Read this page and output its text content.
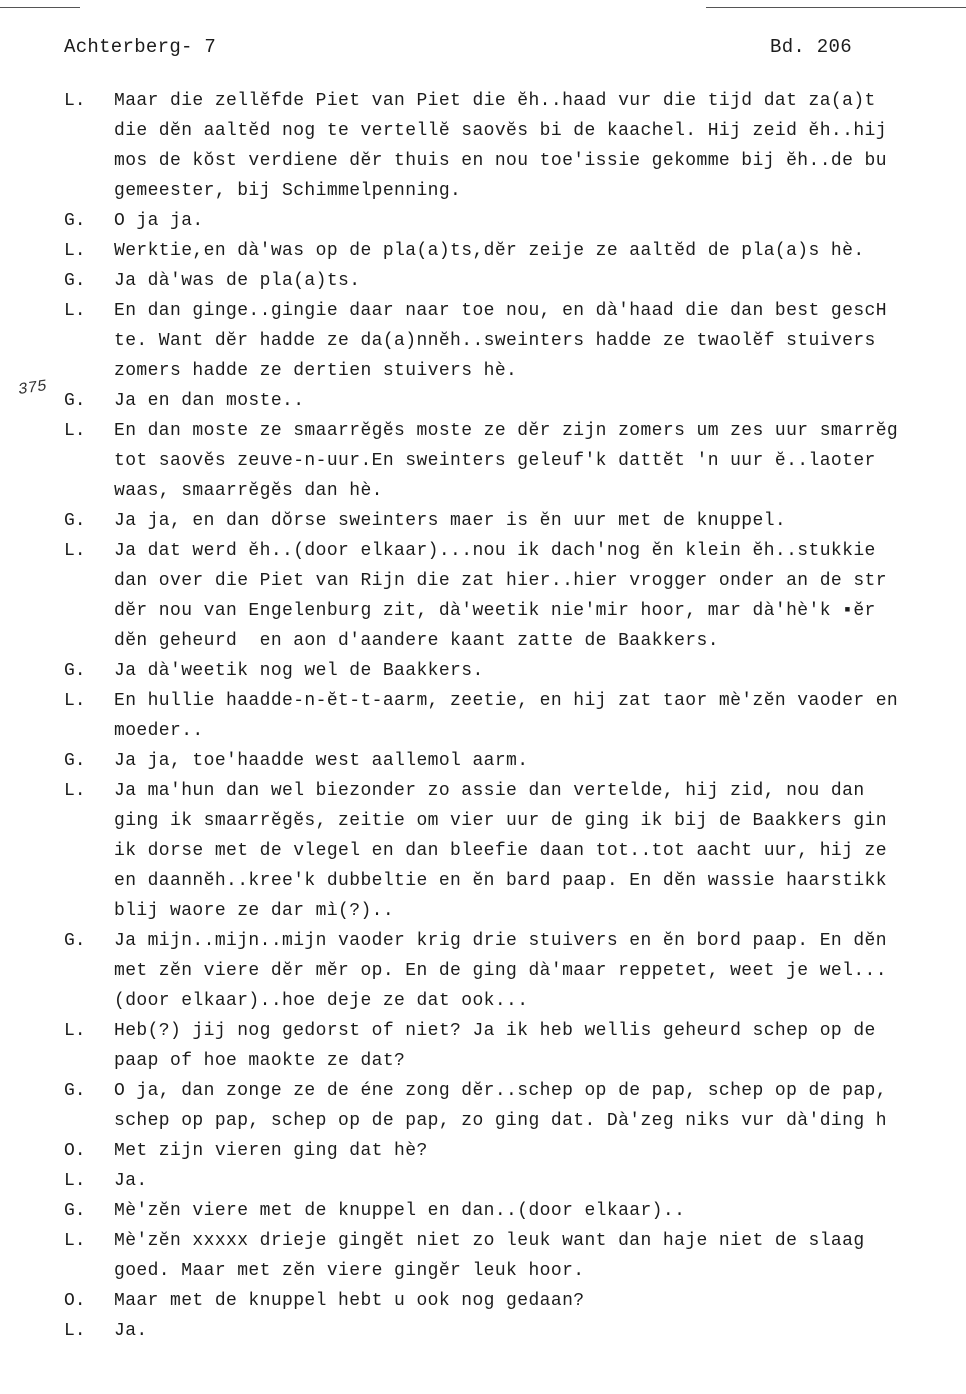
Achterberg- 7	Bd. 206
375
L.	Maar die zellĕfde Piet van Piet die ĕh..haad vur die tijd dat za(a)t
die dĕn aaltĕd nog te vertellĕ saovĕs bi de kaachel. Hij zeid ĕh..hij
mos de kŏst verdiene dĕr thuis en nou toe'issie gekomme bij ĕh..de bu
gemeester, bij Schimmelpenning.
G.	O ja ja.
L.	Werktie,en dà'was op de pla(a)ts,dĕr zeije ze aaltĕd de pla(a)s hè.
G.	Ja dà'was de pla(a)ts.
L.	En dan ginge..gingie daar naar toe nou, en dà'haad die dan best gescH
te. Want dĕr hadde ze da(a)nnĕh..sweinters hadde ze twaolĕf stuivers
zomers hadde ze dertien stuivers hè.
G.	Ja en dan moste..
L.	En dan moste ze smaarrĕgĕs moste ze dĕr zijn zomers um zes uur smarrĕg
tot saovĕs zeuve-n-uur.En sweinters geleuf'k dattĕt 'n uur ĕ..laoter
waas, smaarrĕgĕs dan hè.
G.	Ja ja, en dan dŏrse sweinters maer is ĕn uur met de knuppel.
L.	Ja dat werd ĕh..(door elkaar)...nou ik dach'nog ĕn klein ĕh..stukkie
dan over die Piet van Rijn die zat hier..hier vrogger onder an de str
dĕr nou van Engelenburg zit, dà'weetik nie'mir hoor, mar dà'hè'k ▪ĕr
dĕn geheurd  en aon d'aandere kaant zatte de Baakkers.
G.	Ja dà'weetik nog wel de Baakkers.
L.	En hullie haadde-n-ĕt-t-aarm, zeetie, en hij zat taor mè'zĕn vaoder en
moeder..
G.	Ja ja, toe'haadde west aallemol aarm.
L.	Ja ma'hun dan wel biezonder zo assie dan vertelde, hij zid, nou dan
ging ik smaarrĕgĕs, zeitie om vier uur de ging ik bij de Baakkers gin
ik dorse met de vlegel en dan bleefie daan tot..tot aacht uur, hij ze
en daannĕh..kree'k dubbeltie en ĕn bard paap. En dĕn wassie haarstikk
blij waore ze dar mì(?)..
G.	Ja mijn..mijn..mijn vaoder krig drie stuivers en ĕn bord paap. En dĕn
met zĕn viere dĕr mĕr op. En de ging dà'maar reppetet, weet je wel...
(door elkaar)..hoe deje ze dat ook...
L.	Heb(?) jij nog gedorst of niet? Ja ik heb wellis geheurd schep op de
paap of hoe maokte ze dat?
G.	O ja, dan zonge ze de éne zong dĕr..schep op de pap, schep op de pap,
schep op pap, schep op de pap, zo ging dat. Dà'zeg niks vur dà'ding h
O.	Met zijn vieren ging dat hè?
L.	Ja.
G.	Mè'zĕn viere met de knuppel en dan..(door elkaar)..
L.	Mè'zĕn xxxxx drieje gingĕt niet zo leuk want dan haje niet de slaag
goed. Maar met zĕn viere gingĕr leuk hoor.
O.	Maar met de knuppel hebt u ook nog gedaan?
L.	Ja.
